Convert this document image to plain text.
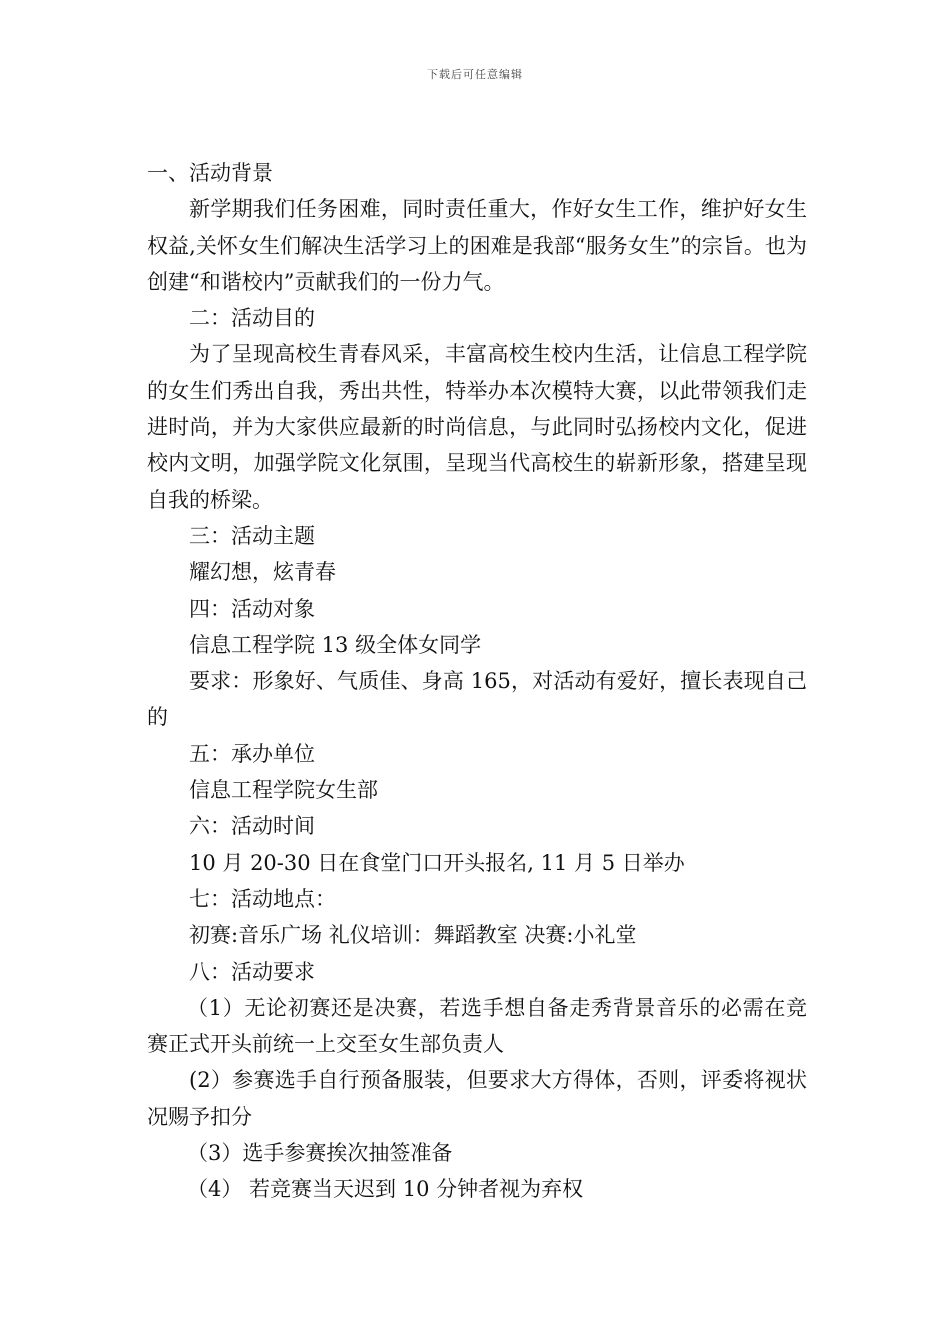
下载后可任意编辑

一、活动背景

新学期我们任务困难，同时责任重大，作好女生工作，维护好女生权益,关怀女生们解决生活学习上的困难是我部“服务女生”的宗旨。也为创建“和谐校内”贡献我们的一份力气。

二：活动目的

为了呈现高校生青春风采，丰富高校生校内生活，让信息工程学院的女生们秀出自我，秀出共性，特举办本次模特大赛，以此带领我们走进时尚，并为大家供应最新的时尚信息，与此同时弘扬校内文化，促进校内文明，加强学院文化氛围，呈现当代高校生的崭新形象，搭建呈现自我的桥梁。

三：活动主题

耀幻想，炫青春

四：活动对象

信息工程学院 13 级全体女同学

要求：形象好、气质佳、身高 165，对活动有爱好，擅长表现自己的

五：承办单位

信息工程学院女生部

六：活动时间

10 月 20-30 日在食堂门口开头报名, 11 月 5 日举办

七：活动地点：

初赛:音乐广场 礼仪培训：舞蹈教室 决赛:小礼堂

八：活动要求

（1）无论初赛还是决赛，若选手想自备走秀背景音乐的必需在竞赛正式开头前统一上交至女生部负责人

(2）参赛选手自行预备服装，但要求大方得体，否则，评委将视状况赐予扣分

（3）选手参赛挨次抽签准备

（4） 若竞赛当天迟到 10 分钟者视为弃权
